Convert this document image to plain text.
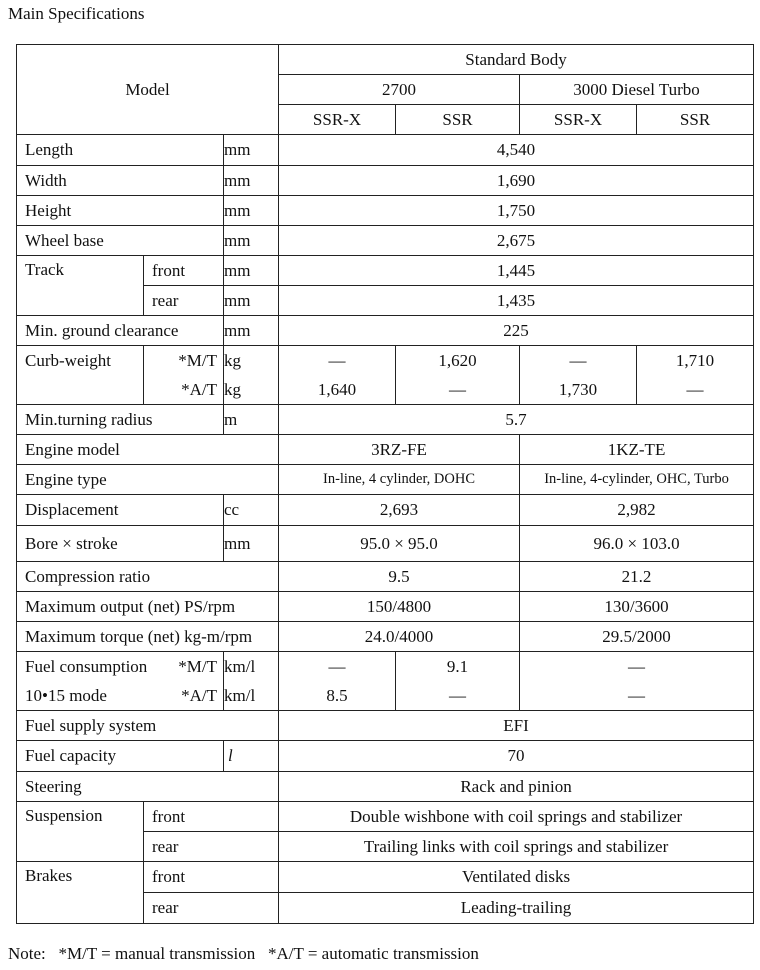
Main Specifications
Model			Standard Body			
			2700		3000 Diesel Turbo	
			SSR-X	SSR	SSR-X	SSR
Length		mm	4,540			
Width		mm	1,690			
Height		mm	1,750			
Wheel base		mm	2,675			
Track	front	mm	1,445			
	rear	mm	1,435			
Min. ground clearance		mm	225			
Curb-weight	*M/T	kg	—	1,620	—	1,710
	*A/T	kg	1,640	—	1,730	—
Min.turning radius		m	5.7			
Engine model			3RZ-FE		1KZ-TE	
Engine type			In-line, 4 cylinder, DOHC		In-line, 4-cylinder, OHC, Turbo	
Displacement		cc	2,693		2,982	
Bore × stroke		mm	95.0 × 95.0		96.0 × 103.0	
Compression ratio			9.5		21.2	
Maximum output (net) PS/rpm			150/4800		130/3600	
Maximum torque (net) kg-m/rpm			24.0/4000		29.5/2000	
Fuel consumption	*M/T	km/l	—	9.1	—	
10•15 mode	*A/T	km/l	8.5	—	—	
Fuel supply system			EFI			
Fuel capacity		l	70			
Steering			Rack and pinion			
Suspension	front		Double wishbone with coil springs and stabilizer			
	rear		Trailing links with coil springs and stabilizer			
Brakes	front		Ventilated disks			
	rear		Leading-trailing			
Note:   *M/T = manual transmission   *A/T = automatic transmission
